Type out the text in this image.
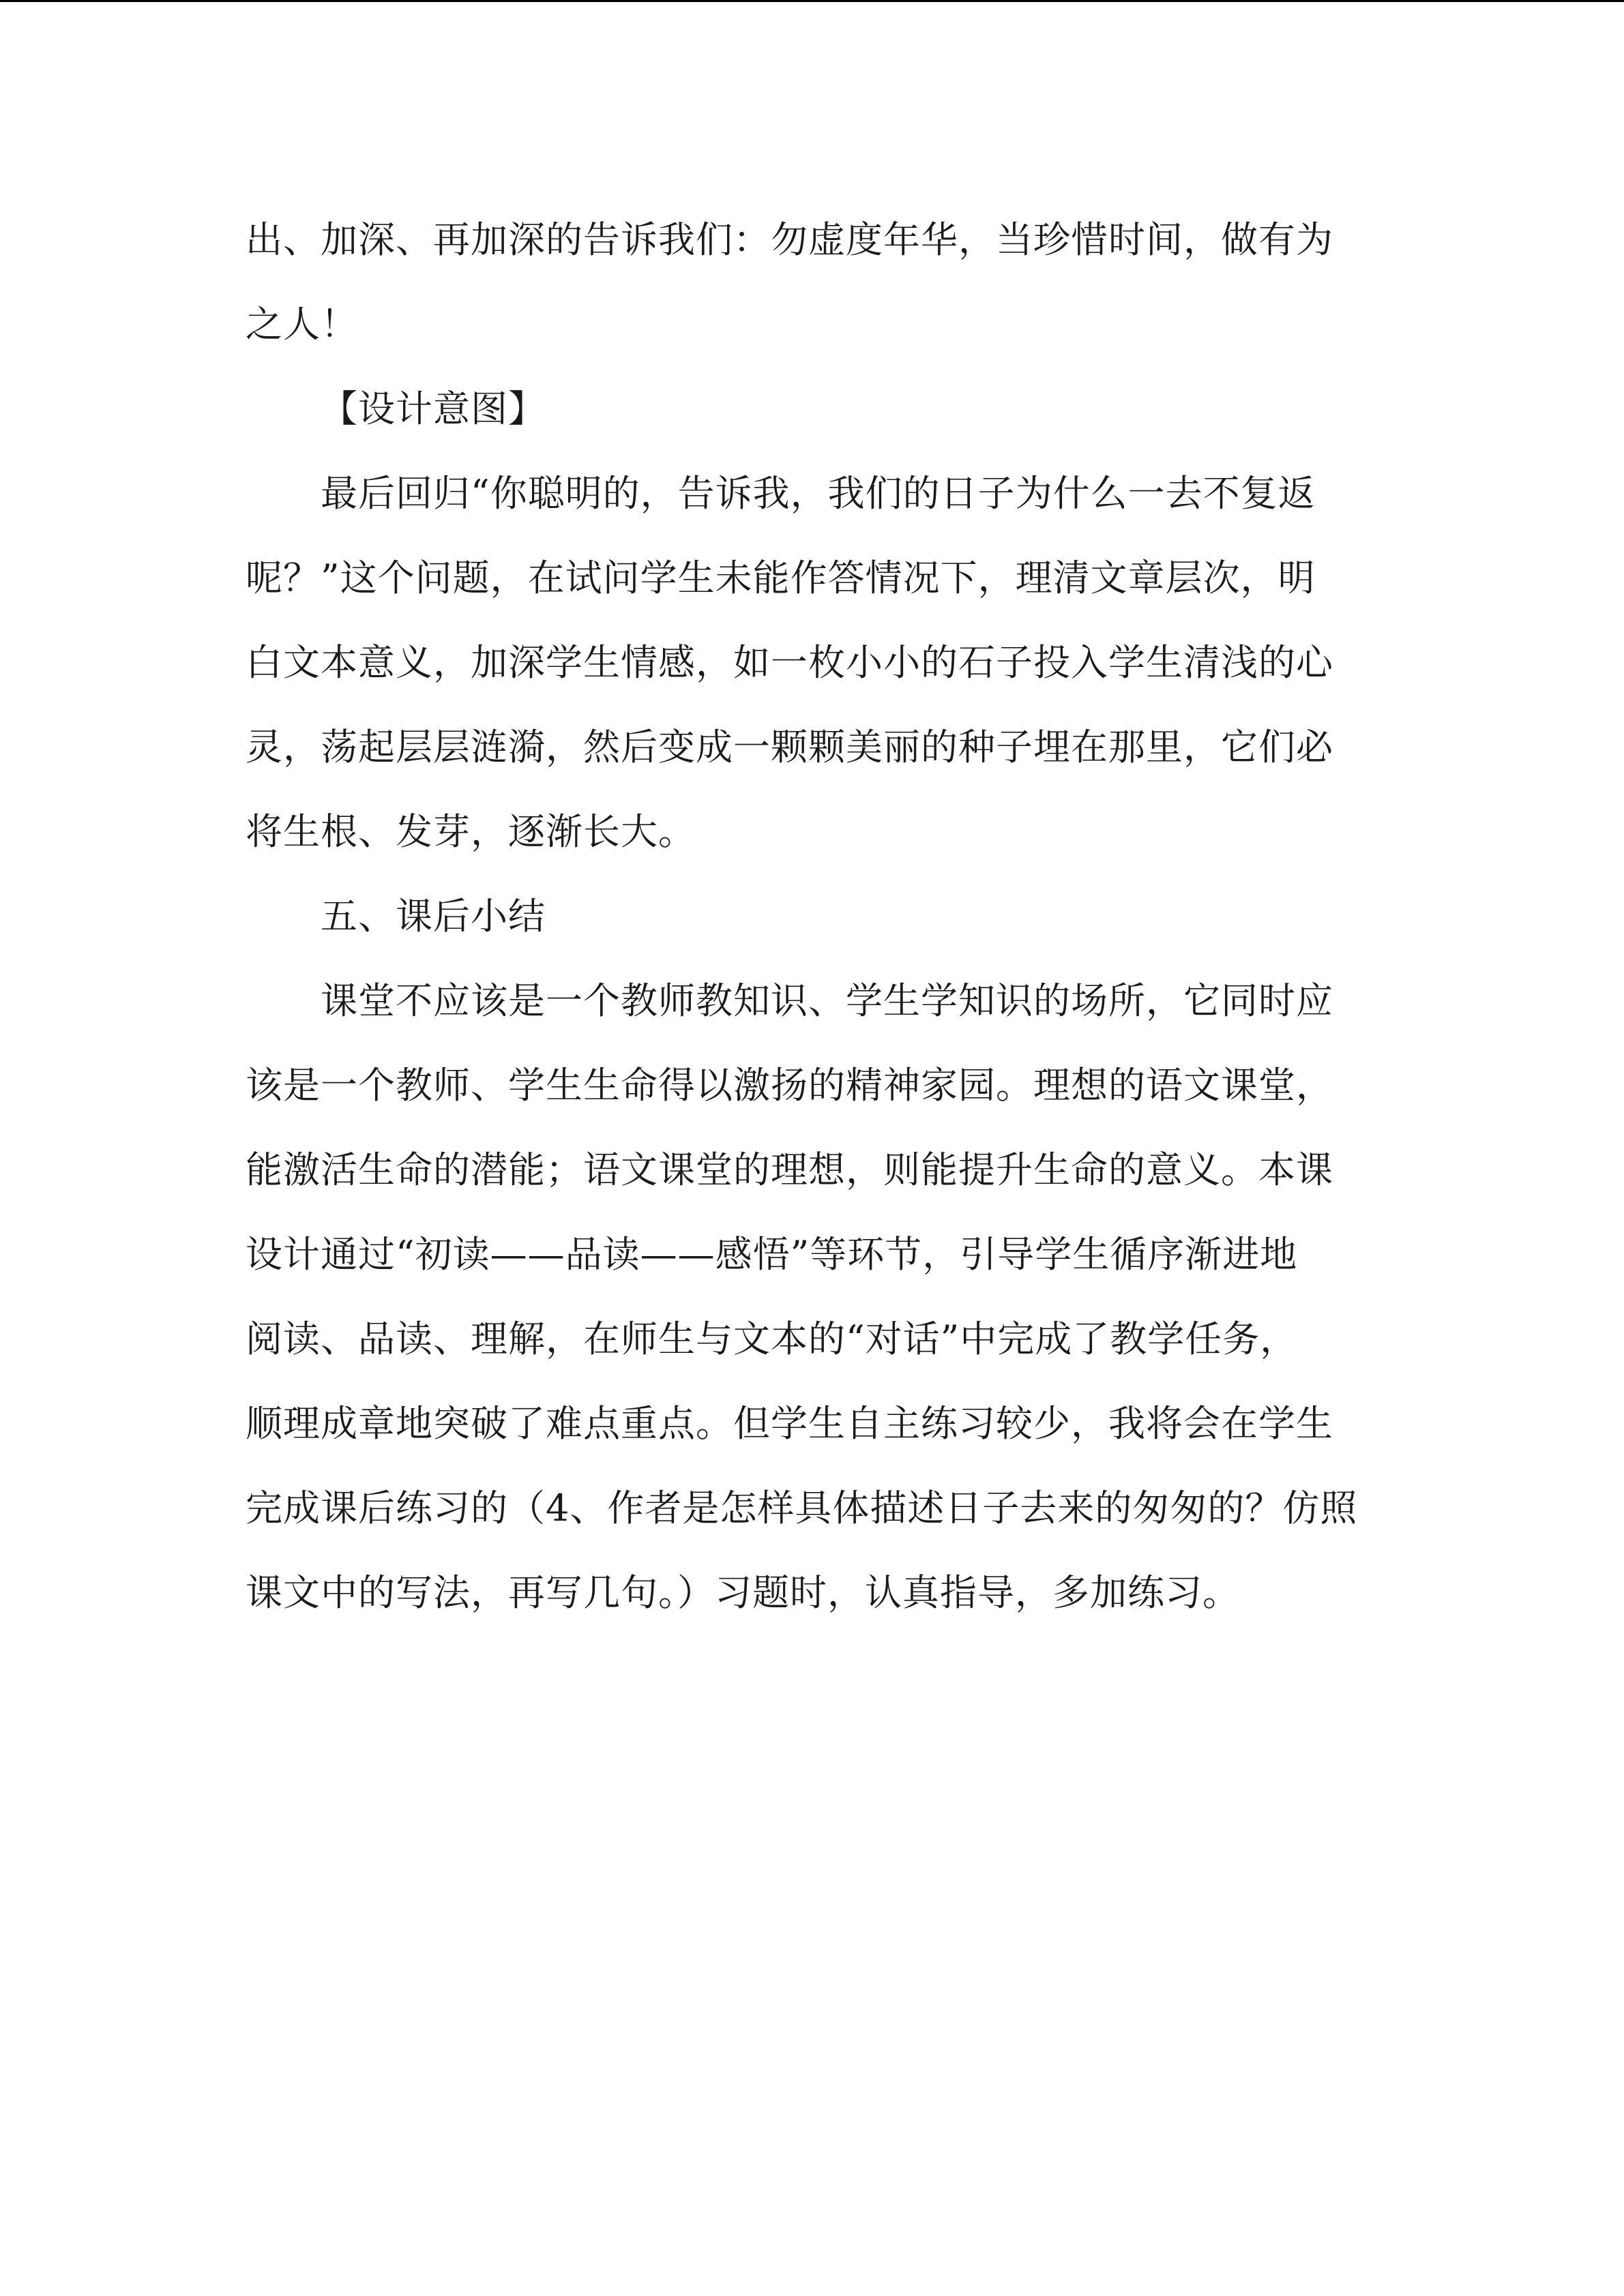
出、加深、再加深的告诉我们：勿虚度年华，当珍惜时间，做有为
之人！
【设计意图】
最后回归“你聪明的，告诉我，我们的日子为什么一去不复返
呢？”这个问题，在试问学生未能作答情况下，理清文章层次，明
白文本意义，加深学生情感，如一枚小小的石子投入学生清浅的心
灵，荡起层层涟漪，然后变成一颗颗美丽的种子埋在那里，它们必
将生根、发芽，逐渐长大。
五、课后小结
课堂不应该是一个教师教知识、学生学知识的场所，它同时应
该是一个教师、学生生命得以激扬的精神家园。理想的语文课堂，
能激活生命的潜能；语文课堂的理想，则能提升生命的意义。本课
设计通过“初读——品读——感悟”等环节，引导学生循序渐进地
阅读、品读、理解，在师生与文本的“对话”中完成了教学任务，
顺理成章地突破了难点重点。但学生自主练习较少，我将会在学生
完成课后练习的（4、作者是怎样具体描述日子去来的匆匆的？仿照
课文中的写法，再写几句。）习题时，认真指导，多加练习。
